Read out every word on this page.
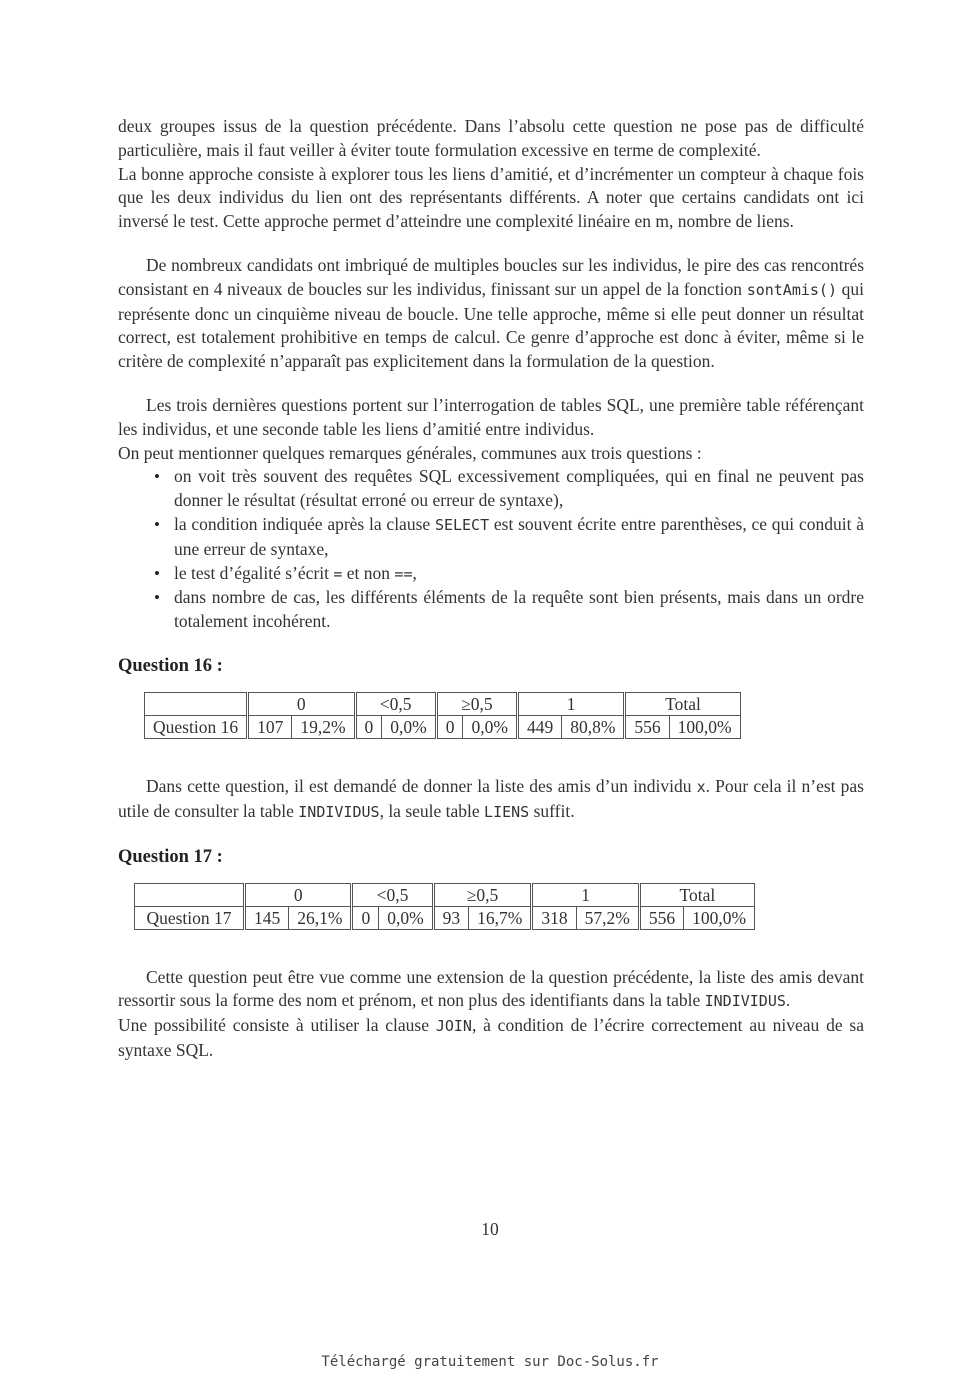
deux groupes issus de la question précédente. Dans l’absolu cette question ne pose pas de difficulté particulière, mais il faut veiller à éviter toute formulation excessive en terme de complexité.

La bonne approche consiste à explorer tous les liens d’amitié, et d’incrémenter un compteur à chaque fois que les deux individus du lien ont des représentants différents. A noter que certains candidats ont ici inversé le test. Cette approche permet d’atteindre une complexité linéaire en m, nombre de liens.

De nombreux candidats ont imbriqué de multiples boucles sur les individus, le pire des cas rencontrés consistant en 4 niveaux de boucles sur les individus, finissant sur un appel de la fonction sontAmis() qui représente donc un cinquième niveau de boucle. Une telle approche, même si elle peut donner un résultat correct, est totalement prohibitive en temps de calcul. Ce genre d’approche est donc à éviter, même si le critère de complexité n’apparaît pas explicitement dans la formulation de la question.

Les trois dernières questions portent sur l’interrogation de tables SQL, une première table référençant les individus, et une seconde table les liens d’amitié entre individus.

On peut mentionner quelques remarques générales, communes aux trois questions :

• on voit très souvent des requêtes SQL excessivement compliquées, qui en final ne peuvent pas donner le résultat (résultat erroné ou erreur de syntaxe),
• la condition indiquée après la clause SELECT est souvent écrite entre parenthèses, ce qui conduit à une erreur de syntaxe,
• le test d’égalité s’écrit = et non ==,
• dans nombre de cas, les différents éléments de la requête sont bien présents, mais dans un ordre totalement incohérent.
Question 16 :
	0		<0,5		≥0,5		1		Total	
Question 16	107	19,2%	0	0,0%	0	0,0%	449	80,8%	556	100,0%

Dans cette question, il est demandé de donner la liste des amis d’un individu x. Pour cela il n’est pas utile de consulter la table INDIVIDUS, la seule table LIENS suffit.

Question 17 :
	0		<0,5		≥0,5		1		Total	
Question 17	145	26,1%	0	0,0%	93	16,7%	318	57,2%	556	100,0%

Cette question peut être vue comme une extension de la question précédente, la liste des amis devant ressortir sous la forme des nom et prénom, et non plus des identifiants dans la table INDIVIDUS.

Une possibilité consiste à utiliser la clause JOIN, à condition de l’écrire correctement au niveau de sa syntaxe SQL.

10
Téléchargé gratuitement sur Doc-Solus.fr
